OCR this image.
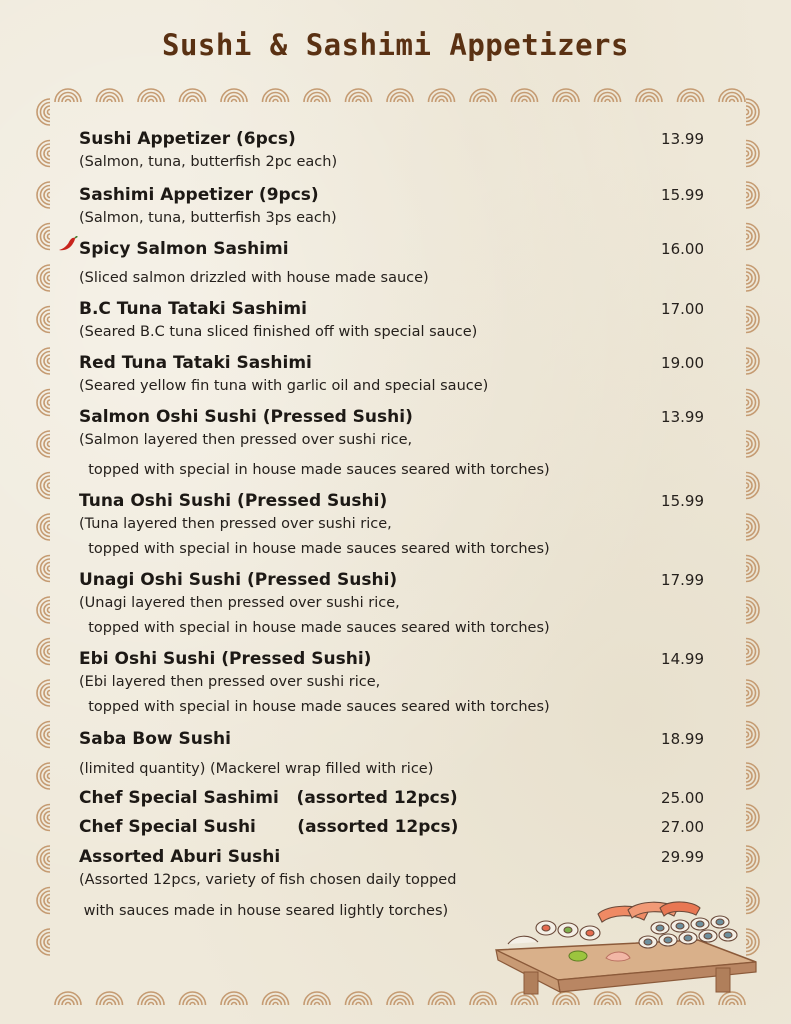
Sushi & Sashimi Appetizers
Sushi Appetizer (6pcs)	13.99
(Salmon, tuna, butterfish 2pc each)
Sashimi Appetizer (9pcs)	15.99
(Salmon, tuna, butterfish 3ps each)
Spicy Salmon Sashimi	16.00
(Sliced salmon drizzled with house made sauce)
B.C Tuna Tataki Sashimi	17.00
(Seared B.C tuna sliced finished off with special sauce)
Red Tuna Tataki Sashimi	19.00
(Seared yellow fin tuna with garlic oil and special sauce)
Salmon Oshi Sushi (Pressed Sushi)	13.99
(Salmon layered then pressed over sushi rice,
topped with special in house made sauces seared with torches)
Tuna Oshi Sushi (Pressed Sushi)	15.99
(Tuna layered then pressed over sushi rice,
topped with special in house made sauces seared with torches)
Unagi Oshi Sushi (Pressed Sushi)	17.99
(Unagi layered then pressed over sushi rice,
topped with special in house made sauces seared with torches)
Ebi Oshi Sushi (Pressed Sushi)	14.99
(Ebi layered then pressed over sushi rice,
topped with special in house made sauces seared with torches)
Saba Bow Sushi	18.99
(limited quantity) (Mackerel wrap filled with rice)
Chef Special Sashimi   (assorted 12pcs)	25.00
Chef Special Sushi       (assorted 12pcs)	27.00
Assorted Aburi Sushi	29.99
(Assorted 12pcs, variety of fish chosen daily topped
with sauces made in house seared lightly torches)
